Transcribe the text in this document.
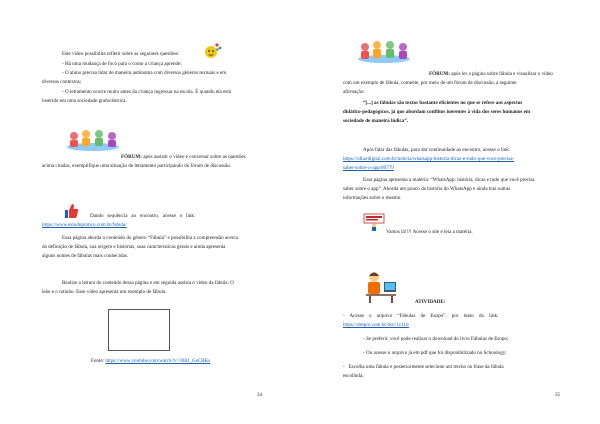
Este vídeo possibilita refletir sobre as seguintes questões:

- Há uma mudança de foco para o como a criança aprende;

- O aluno precisa lidar de maneira autônoma com diversos gêneros textuais e em

diversos contextos;

- O letramento ocorre muito antes da criança ingressar na escola. É quando ela está

inserido em uma sociedade grafocêntrica.

FÓRUM: após assistir o vídeo e conversar sobre as questões

acima citadas, exemplifique uma situação de letramento participando do fórum de discussão.

Dando   sequência   ao   encontro,   acesse   o   link:

https://www.estudopratico.com.br/fabula/

Essa página aborda o conteúdo do gênero “Fábula” e possibilita a compreensão acerca

da definição de fábula, sua origem e histórias, suas características gerais e ainda apresenta

alguns nomes de fábulas mais conhecidas.

Realize a leitura do conteúdo dessa página e em seguida assista o vídeo da fábula: O

leão e o ratinho. Esse vídeo apresenta um exemplo de fábula.

Fonte: https://www.youtube.com/watch?v=36ItJ_GeCRKs

34

FÓRUM: após ler a página sobre fábula e visualizar o vídeo

com um exemplo de fábula, comente, por meio de um fórum de discussão, a seguinte

afirmação:

“[...] as fábulas são textos bastante eficientes no que se refere aos aspectos

didático-pedagógicos, já que abordam conflitos inerentes à vida dos seres humanos em

sociedade de maneira lúdica”.

Após falar das fábulas, para dar continuidade ao encontro, acesse o link:

https://olhardigital.com.br/noticia/whatsapp-historia-dicas-e-tudo-que-voce-precisa-

saber-sobre-o-app/80779

Essa página apresenta a matéria: “WhatsApp: história, dicas e tudo que você precisa

saber sobre o app”. Aborda um pouco da história do WhatsApp e ainda traz outras

informações sobre o mesmo.

Vamos lá!!!! Acesse o site e leia a matéria.

ATIVIDADE:

-    Acesse    o    arquivo    “Fábulas    de    Esopo”,    por    meio    do    link:

https://drepro.com.br/doc/1z11tr

- Se preferir, você pode realizar o download do livro Fábulas de Esopo;

- Ou acesse o arquivo já em pdf que foi disponibilizado no Schoology;

-   Escolha uma fábula e posteriormente selecione um trecho ou frase da fábula

escolhida;

35
